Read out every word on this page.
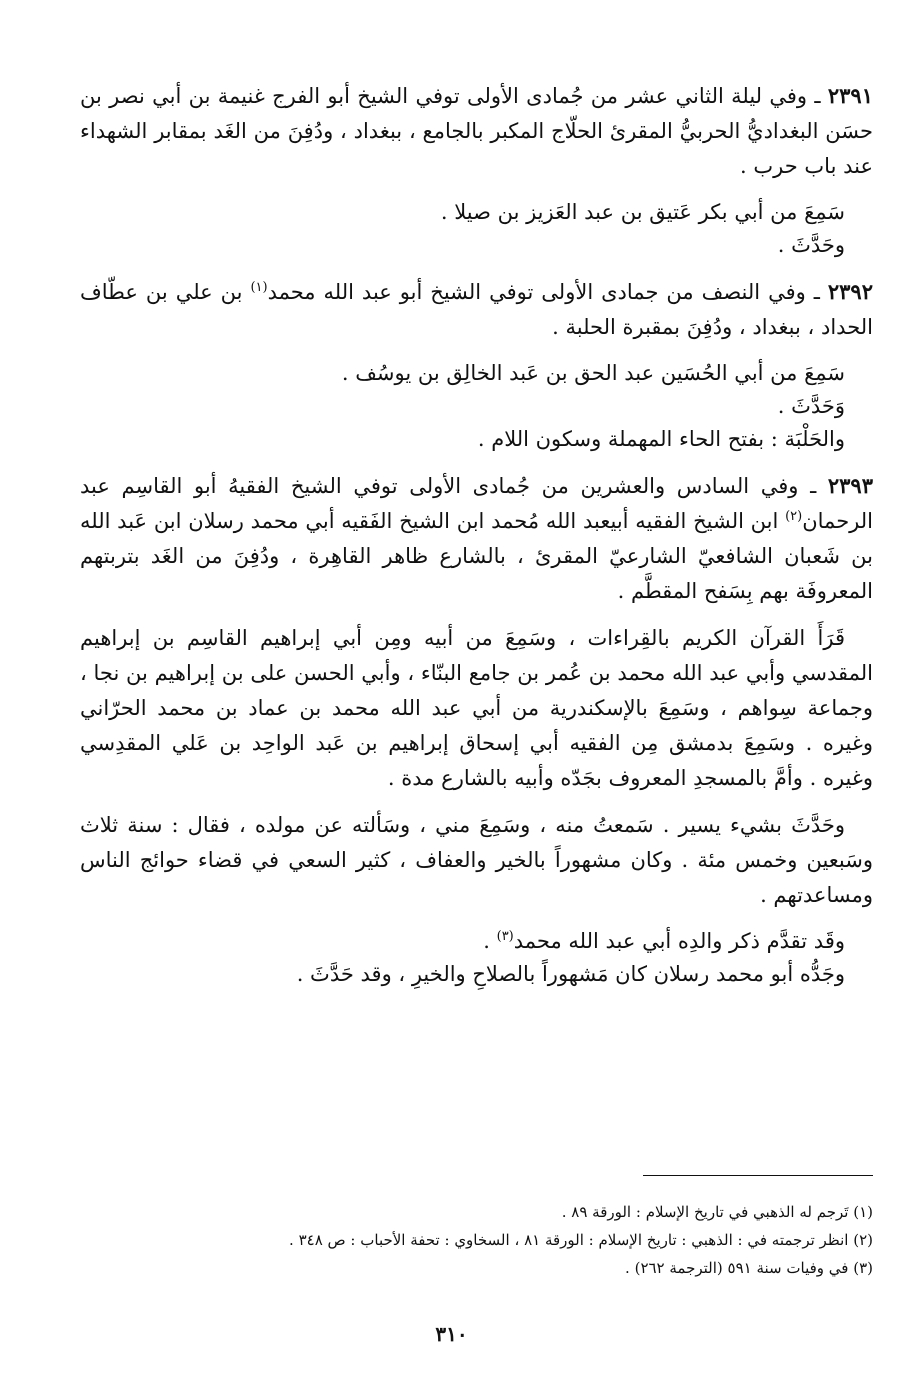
٢٣٩١ ـ وفي ليلة الثاني عشر من جُمادى الأولى توفي الشيخ أبو الفرج غنيمة بن أبي نصر بن حسَن البغداديُّ الحربيُّ المقرئ الحلّاج المكبر بالجامع ، ببغداد ، ودُفِنَ من الغَد بمقابر الشهداء عند باب حرب .

سَمِعَ من أبي بكر عَتيق بن عبد العَزيز بن صيلا .

وحَدَّثَ .

٢٣٩٢ ـ وفي النصف من جمادى الأولى توفي الشيخ أبو عبد الله محمد$^{(١)}$ بن علي بن عطّاف الحداد ، ببغداد ، ودُفِنَ بمقبرة الحلبة .

سَمِعَ من أبي الحُسَين عبد الحق بن عَبد الخالِق بن يوسُف .

وَحَدَّثَ .

والحَلْبَة : بفتح الحاء المهملة وسكون اللام .

٢٣٩٣ ـ وفي السادس والعشرين من جُمادى الأولى توفي الشيخ الفقيهُ أبو القاسِم عبد الرحمان$^{(٢)}$ ابن الشيخ الفقيه أبيعبد الله مُحمد ابن الشيخ الفَقيه أبي محمد رسلان ابن عَبد الله بن شَعبان الشافعيّ الشارعيّ المقرئ ، بالشارع ظاهر القاهِرة ، ودُفِنَ من الغَد بتربتهم المعروفَة بهم بِسَفح المقطَّم .

قَرَأَ القرآن الكريم بالقِراءات ، وسَمِعَ من أبيه ومِن أبي إبراهيم القاسِم بن إبراهيم المقدسي وأبي عبد الله محمد بن عُمر بن جامع البنّاء ، وأبي الحسن على بن إبراهيم بن نجا ، وجماعة سِواهم ، وسَمِعَ بالإسكندرية من أبي عبد الله محمد بن عماد بن محمد الحرّاني وغيره . وسَمِعَ بدمشق مِن الفقيه أبي إسحاق إبراهيم بن عَبد الواحِد بن عَلي المقدِسي وغيره . وأمَّ بالمسجدِ المعروف بجَدّه وأبيه بالشارع مدة .

وحَدَّثَ بشيء يسير . سَمعتُ منه ، وسَمِعَ مني ، وسَألته عن مولده ، فقال : سنة ثلاث وسَبعين وخمس مئة . وكان مشهوراً بالخير والعفاف ، كثير السعي في قضاء حوائج الناس ومساعدتهم .

وقَد تقدَّم ذكر والدِه أبي عبد الله محمد$^{(٣)}$ .

وجَدُّه أبو محمد رسلان كان مَشهوراً بالصلاحِ والخيرِ ، وقد حَدَّثَ .

(١) تَرجم له الذهبي في تاريخ الإسلام : الورقة ٨٩ .
(٢) انظر ترجمته في : الذهبي : تاريخ الإسلام : الورقة ٨١ ، السخاوي : تحفة الأحباب : ص ٣٤٨ .
(٣) في وفيات سنة ٥٩١ (الترجمة ٢٦٢) .
٣١٠
